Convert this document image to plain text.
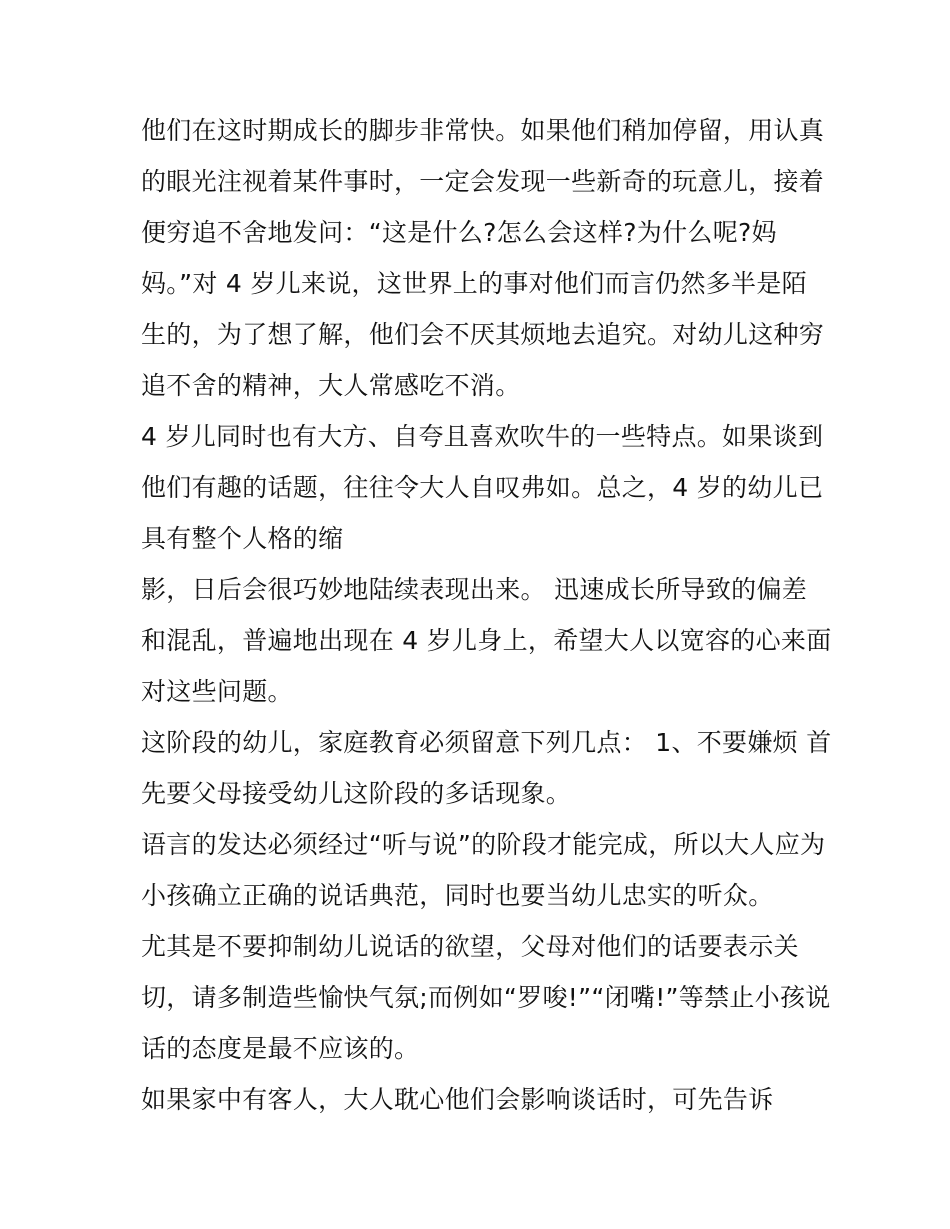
他们在这时期成长的脚步非常快。如果他们稍加停留，用认真
的眼光注视着某件事时，一定会发现一些新奇的玩意儿，接着
便穷追不舍地发问：“这是什么?怎么会这样?为什么呢?妈
妈。”对 4 岁儿来说，这世界上的事对他们而言仍然多半是陌
生的，为了想了解，他们会不厌其烦地去追究。对幼儿这种穷
追不舍的精神，大人常感吃不消。
4 岁儿同时也有大方、自夸且喜欢吹牛的一些特点。如果谈到
他们有趣的话题，往往令大人自叹弗如。总之，4 岁的幼儿已
具有整个人格的缩
影，日后会很巧妙地陆续表现出来。 迅速成长所导致的偏差
和混乱，普遍地出现在 4 岁儿身上，希望大人以宽容的心来面
对这些问题。
这阶段的幼儿，家庭教育必须留意下列几点： 1、不要嫌烦 首
先要父母接受幼儿这阶段的多话现象。
语言的发达必须经过“听与说”的阶段才能完成，所以大人应为
小孩确立正确的说话典范，同时也要当幼儿忠实的听众。
尤其是不要抑制幼儿说话的欲望，父母对他们的话要表示关
切，请多制造些愉快气氛;而例如“罗唆!”“闭嘴!”等禁止小孩说
话的态度是最不应该的。
如果家中有客人，大人耽心他们会影响谈话时，可先告诉
